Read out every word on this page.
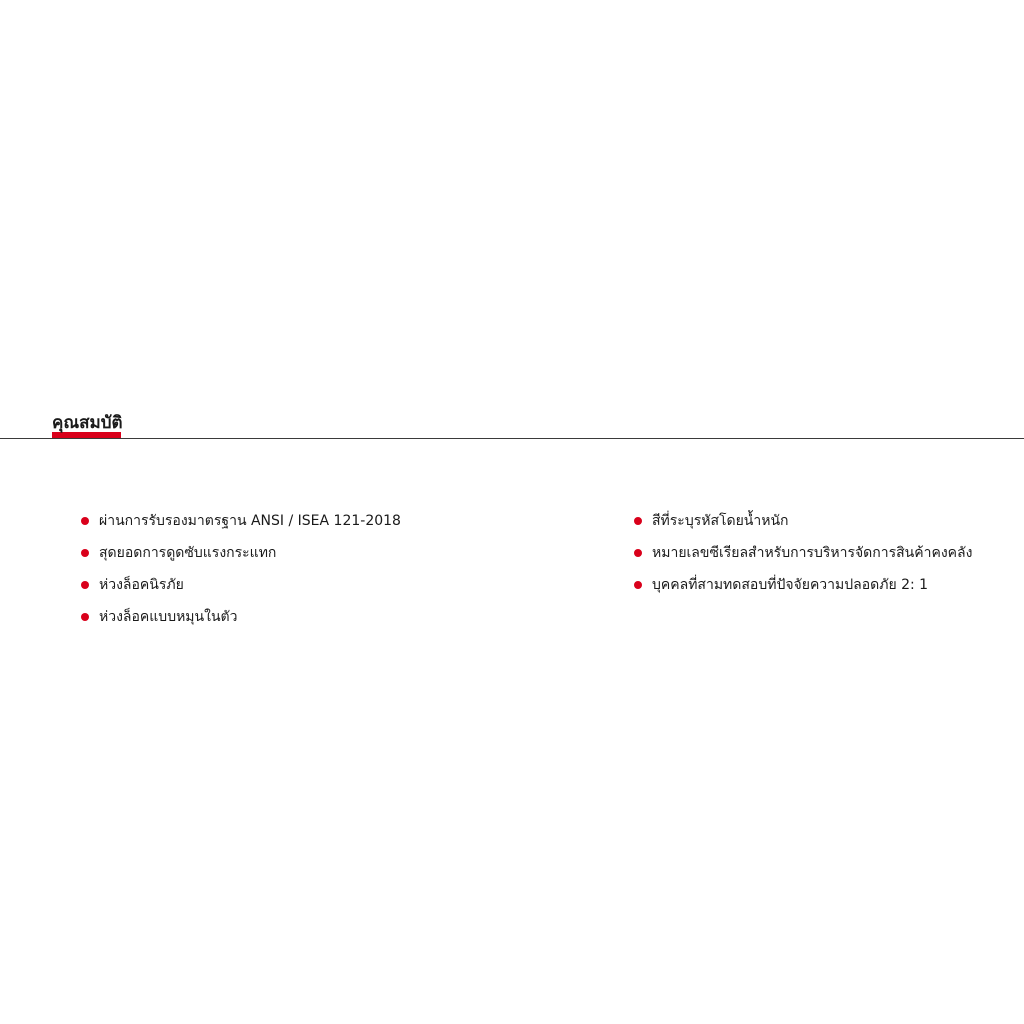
คุณสมบัติ
ผ่านการรับรองมาตรฐาน ANSI / ISEA 121-2018
สุดยอดการดูดซับแรงกระแทก
ห่วงล็อคนิรภัย
ห่วงล็อคแบบหมุนในตัว
สีที่ระบุรหัสโดยน้ำหนัก
หมายเลขซีเรียลสำหรับการบริหารจัดการสินค้าคงคลัง
บุคคลที่สามทดสอบที่ปัจจัยความปลอดภัย 2: 1
